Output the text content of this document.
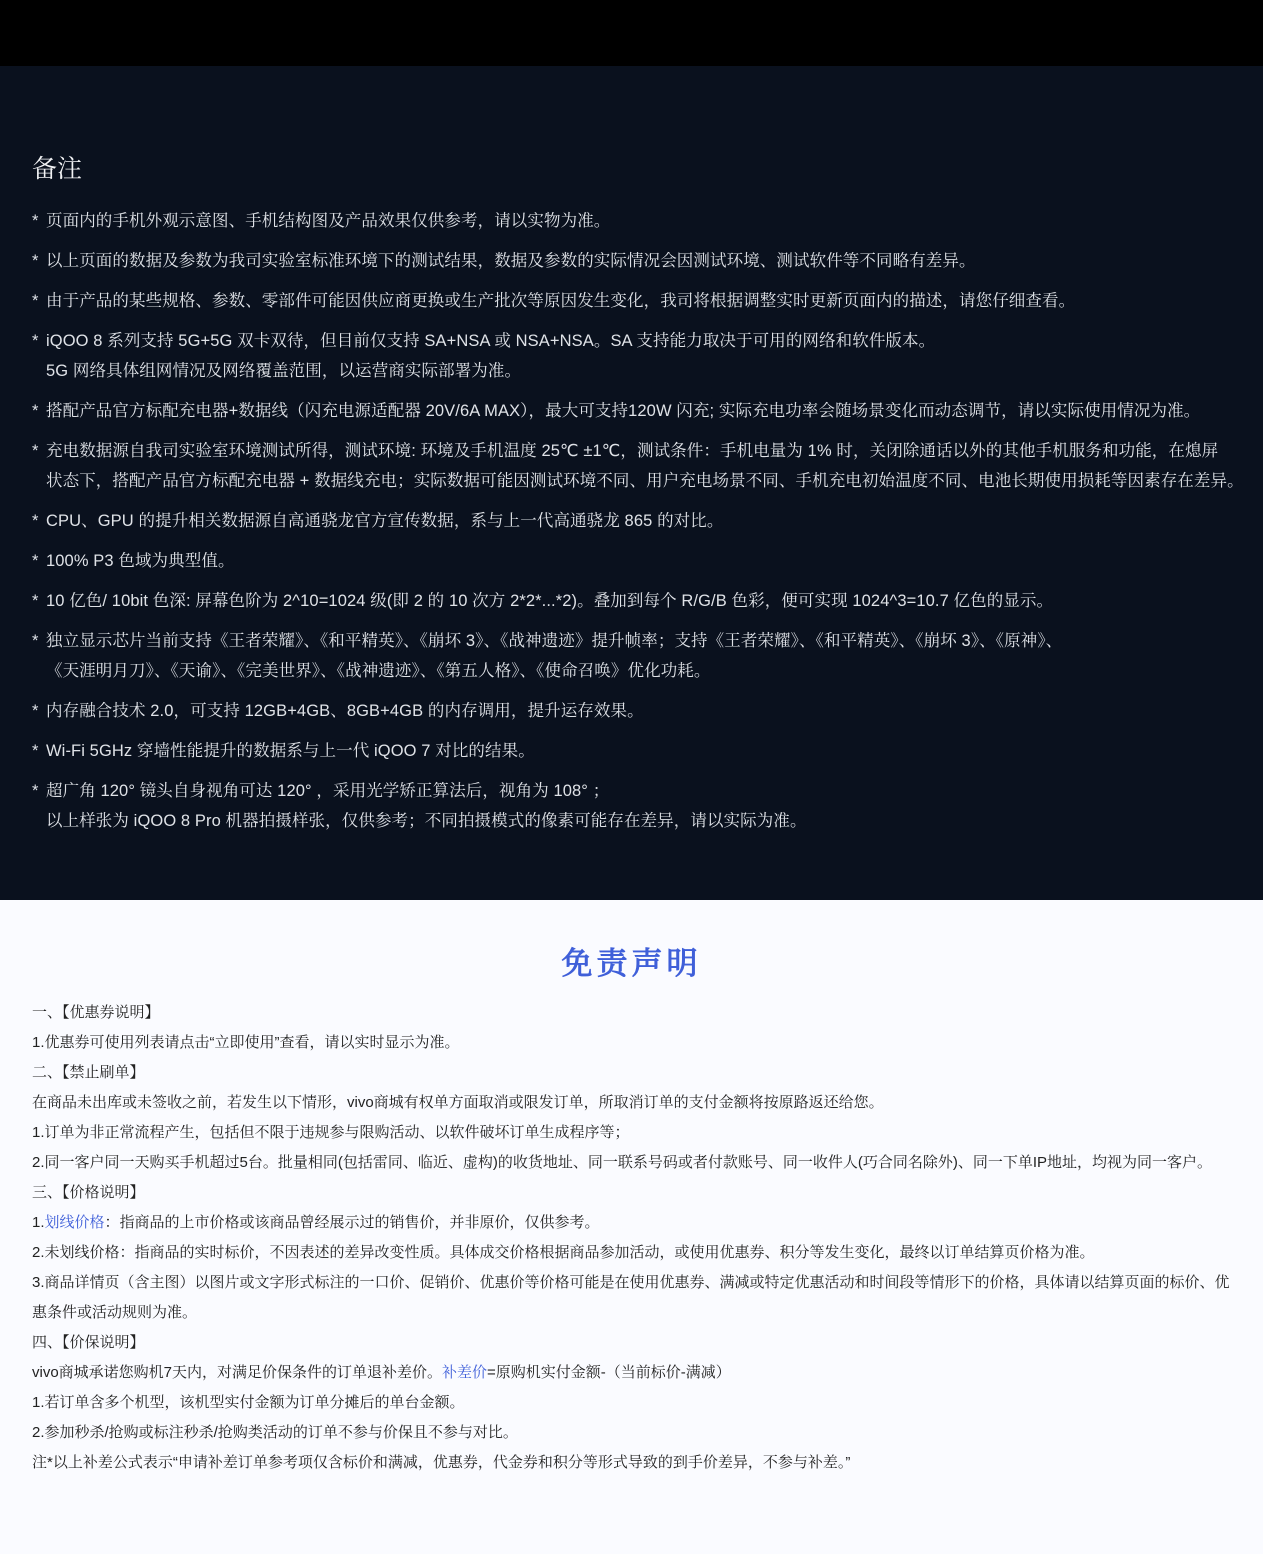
备注
* 页面内的手机外观示意图、手机结构图及产品效果仅供参考，请以实物为准。
* 以上页面的数据及参数为我司实验室标准环境下的测试结果，数据及参数的实际情况会因测试环境、测试软件等不同略有差异。
* 由于产品的某些规格、参数、零部件可能因供应商更换或生产批次等原因发生变化，我司将根据调整实时更新页面内的描述，请您仔细查看。
* iQOO 8 系列支持 5G+5G 双卡双待，但目前仅支持 SA+NSA 或 NSA+NSA。SA 支持能力取决于可用的网络和软件版本。
5G 网络具体组网情况及网络覆盖范围，以运营商实际部署为准。
* 搭配产品官方标配充电器+数据线（闪充电源适配器 20V/6A MAX），最大可支持120W 闪充; 实际充电功率会随场景变化而动态调节，请以实际使用情况为准。
* 充电数据源自我司实验室环境测试所得，测试环境: 环境及手机温度 25℃ ±1℃，测试条件：手机电量为 1% 时，关闭除通话以外的其他手机服务和功能，在熄屏
状态下，搭配产品官方标配充电器 + 数据线充电；实际数据可能因测试环境不同、用户充电场景不同、手机充电初始温度不同、电池长期使用损耗等因素存在差异。
* CPU、GPU 的提升相关数据源自高通骁龙官方宣传数据，系与上一代高通骁龙 865 的对比。
* 100% P3 色域为典型值。
* 10 亿色/ 10bit 色深: 屏幕色阶为 2^10=1024 级(即 2 的 10 次方 2*2*...*2)。叠加到每个 R/G/B 色彩，便可实现 1024^3=10.7 亿色的显示。
* 独立显示芯片当前支持《王者荣耀》、《和平精英》、《崩坏 3》、《战神遗迹》提升帧率；支持《王者荣耀》、《和平精英》、《崩坏 3》、《原神》、
《天涯明月刀》、《天谕》、《完美世界》、《战神遗迹》、《第五人格》、《使命召唤》优化功耗。
* 内存融合技术 2.0，可支持 12GB+4GB、8GB+4GB 的内存调用，提升运存效果。
* Wi-Fi 5GHz 穿墙性能提升的数据系与上一代 iQOO 7 对比的结果。
* 超广角 120° 镜头自身视角可达 120° ，采用光学矫正算法后，视角为 108° ；
以上样张为 iQOO 8 Pro 机器拍摄样张，仅供参考；不同拍摄模式的像素可能存在差异，请以实际为准。
免责声明

一、【优惠券说明】

1.优惠券可使用列表请点击“立即使用”查看，请以实时显示为准。

二、【禁止刷单】

在商品未出库或未签收之前，若发生以下情形，vivo商城有权单方面取消或限发订单，所取消订单的支付金额将按原路返还给您。

1.订单为非正常流程产生，包括但不限于违规参与限购活动、以软件破坏订单生成程序等；

2.同一客户同一天购买手机超过5台。批量相同(包括雷同、临近、虚构)的收货地址、同一联系号码或者付款账号、同一收件人(巧合同名除外)、同一下单IP地址，均视为同一客户。

三、【价格说明】

1.划线价格：指商品的上市价格或该商品曾经展示过的销售价，并非原价，仅供参考。

2.未划线价格：指商品的实时标价，不因表述的差异改变性质。具体成交价格根据商品参加活动，或使用优惠券、积分等发生变化，最终以订单结算页价格为准。

3.商品详情页（含主图）以图片或文字形式标注的一口价、促销价、优惠价等价格可能是在使用优惠券、满减或特定优惠活动和时间段等情形下的价格，具体请以结算页面的标价、优惠条件或活动规则为准。

四、【价保说明】

vivo商城承诺您购机7天内，对满足价保条件的订单退补差价。补差价=原购机实付金额-（当前标价-满减）

1.若订单含多个机型，该机型实付金额为订单分摊后的单台金额。

2.参加秒杀/抢购或标注秒杀/抢购类活动的订单不参与价保且不参与对比。

注*以上补差公式表示“申请补差订单参考项仅含标价和满减，优惠券，代金券和积分等形式导致的到手价差异，不参与补差。”
